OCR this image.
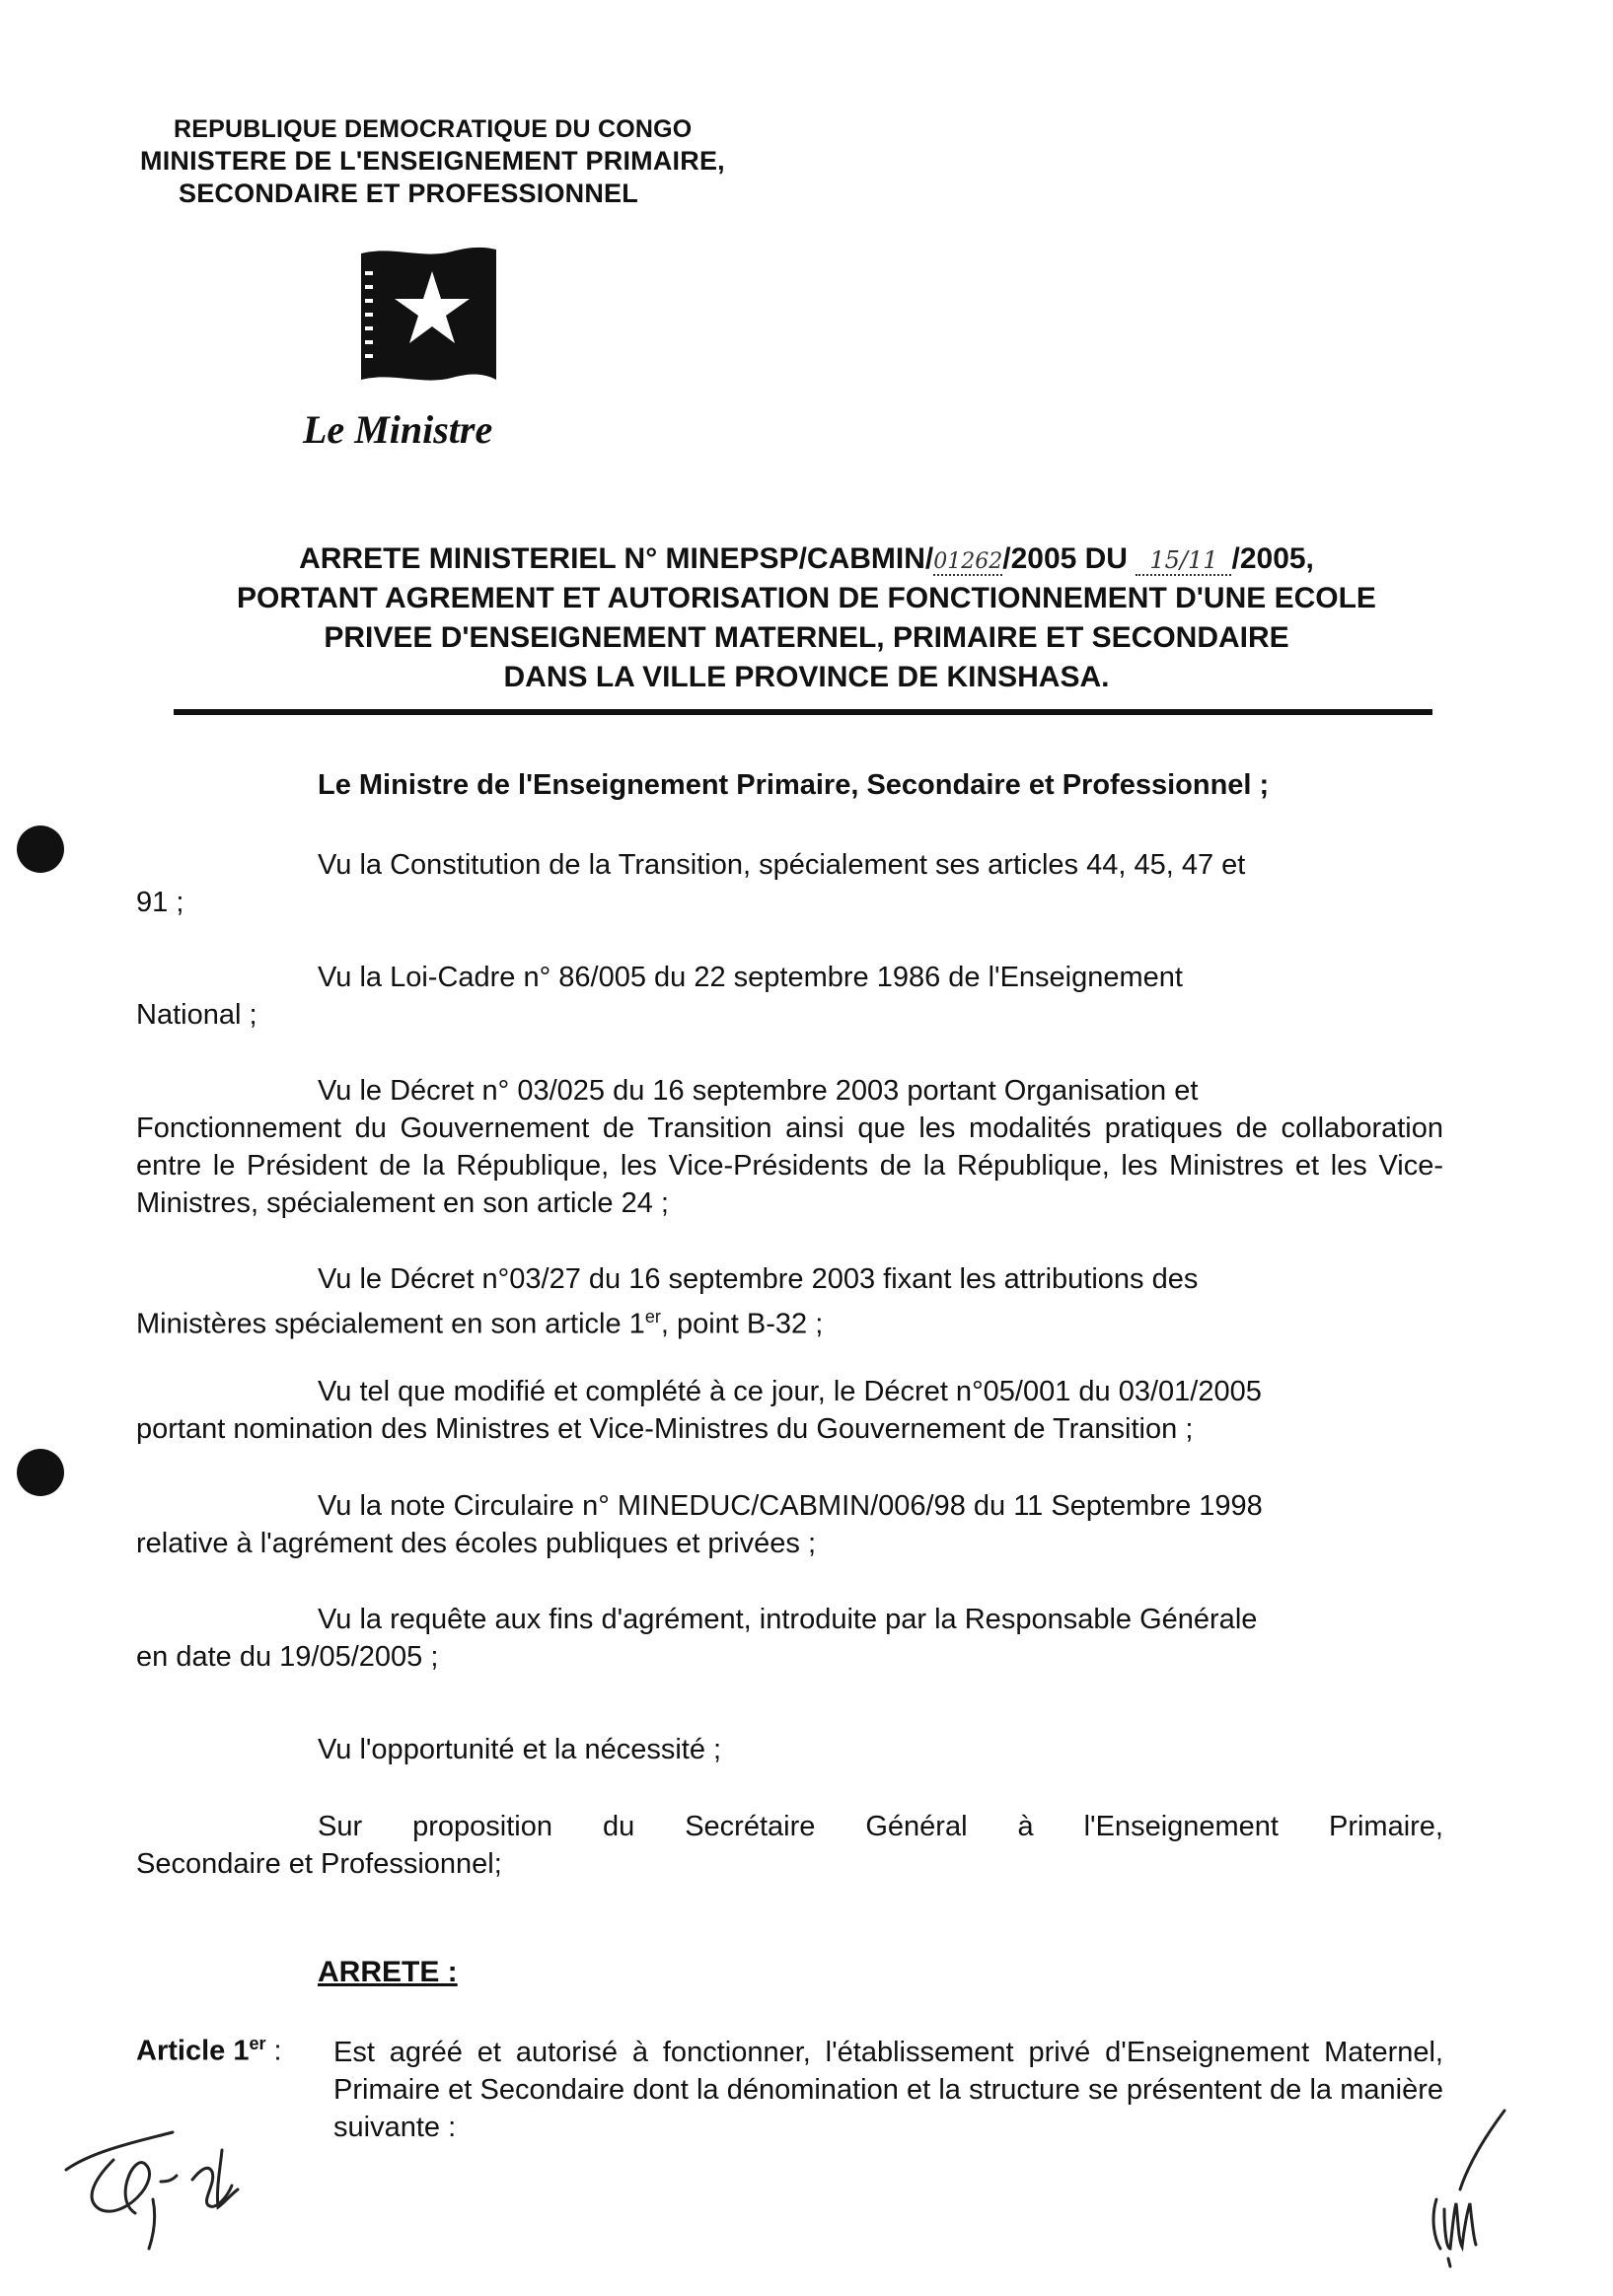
REPUBLIQUE DEMOCRATIQUE DU CONGO
MINISTERE DE L'ENSEIGNEMENT PRIMAIRE,
SECONDAIRE ET PROFESSIONNEL
Le Ministre
ARRETE MINISTERIEL N° MINEPSP/CABMIN/01262/2005 DU 15/11 /2005,
PORTANT AGREMENT ET AUTORISATION DE FONCTIONNEMENT D'UNE ECOLE
PRIVEE D'ENSEIGNEMENT MATERNEL, PRIMAIRE ET SECONDAIRE
DANS LA VILLE PROVINCE DE KINSHASA.
Le Ministre de l'Enseignement Primaire, Secondaire et Professionnel ;
Vu la Constitution de la Transition, spécialement ses articles 44, 45, 47 et
91 ;
Vu la Loi-Cadre n° 86/005 du 22 septembre 1986 de l'Enseignement
National ;
Vu le Décret n° 03/025 du 16 septembre 2003 portant Organisation et
Fonctionnement du Gouvernement de Transition ainsi que les modalités pratiques de collaboration entre le Président de la République, les Vice-Présidents de la République, les Ministres et les Vice-Ministres, spécialement en son article 24 ;
Vu le Décret n°03/27 du 16 septembre 2003 fixant les attributions des
Ministères spécialement en son article 1er, point B-32 ;
Vu tel que modifié et complété à ce jour, le Décret n°05/001 du 03/01/2005
portant nomination des Ministres et Vice-Ministres du Gouvernement de Transition ;
Vu la note Circulaire n° MINEDUC/CABMIN/006/98 du 11 Septembre 1998
relative à l'agrément des écoles publiques et privées ;
Vu la requête aux fins d'agrément, introduite par la Responsable Générale
en date du 19/05/2005 ;
Vu l'opportunité et la nécessité ;
Sur proposition du Secrétaire Général à l'Enseignement Primaire,
Secondaire et Professionnel;
ARRETE :
Article 1er : Est agréé et autorisé à fonctionner, l'établissement privé d'Enseignement Maternel, Primaire et Secondaire dont la dénomination et la structure se présentent de la manière suivante :
